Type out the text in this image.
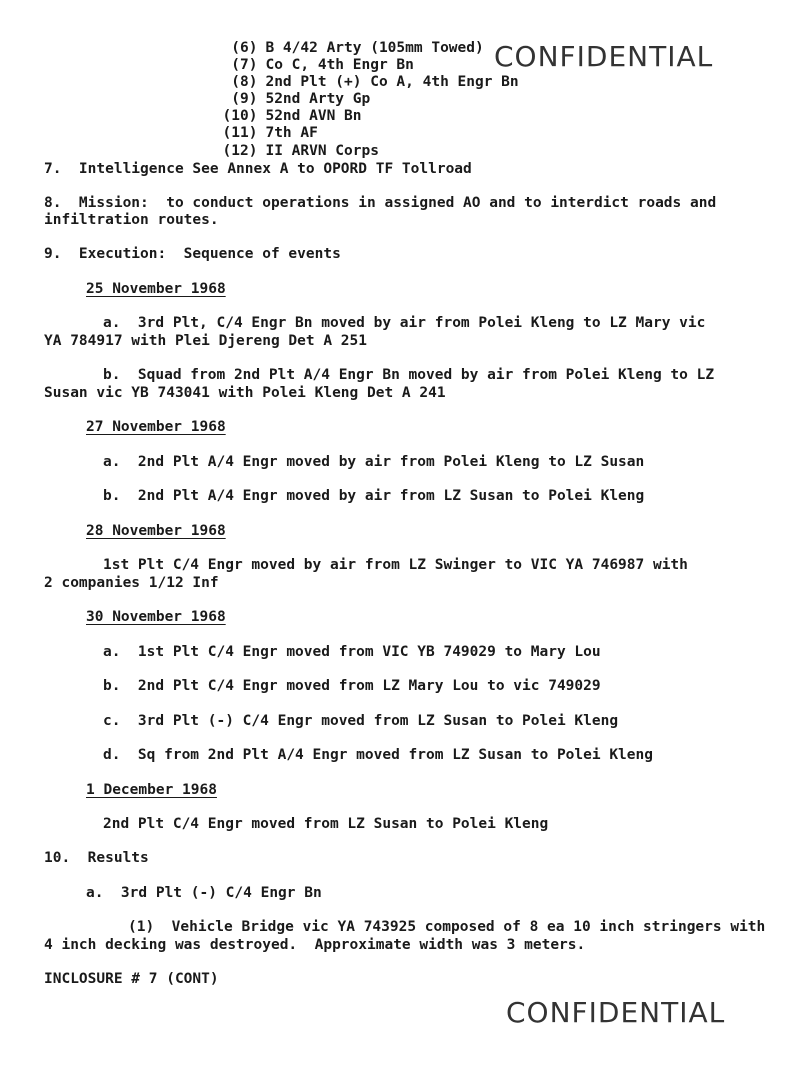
CONFIDENTIAL
CONFIDENTIAL

(6) B 4/42 Arty (105mm Towed)

(7) Co C, 4th Engr Bn

(8) 2nd Plt (+) Co A, 4th Engr Bn

(9) 52nd Arty Gp

(10) 52nd AVN Bn

(11) 7th AF

(12) II ARVN Corps

7.  Intelligence See Annex A to OPORD TF Tollroad
8.  Mission:  to conduct operations in assigned AO and to interdict roads and
infiltration routes.
9.  Execution:  Sequence of events
25 November 1968
a.  3rd Plt, C/4 Engr Bn moved by air from Polei Kleng to LZ Mary vic
YA 784917 with Plei Djereng Det A 251
b.  Squad from 2nd Plt A/4 Engr Bn moved by air from Polei Kleng to LZ
Susan vic YB 743041 with Polei Kleng Det A 241
27 November 1968
a.  2nd Plt A/4 Engr moved by air from Polei Kleng to LZ Susan
b.  2nd Plt A/4 Engr moved by air from LZ Susan to Polei Kleng
28 November 1968
1st Plt C/4 Engr moved by air from LZ Swinger to VIC YA 746987 with
2 companies 1/12 Inf
30 November 1968
a.  1st Plt C/4 Engr moved from VIC YB 749029 to Mary Lou
b.  2nd Plt C/4 Engr moved from LZ Mary Lou to vic 749029
c.  3rd Plt (-) C/4 Engr moved from LZ Susan to Polei Kleng
d.  Sq from 2nd Plt A/4 Engr moved from LZ Susan to Polei Kleng
1 December 1968
2nd Plt C/4 Engr moved from LZ Susan to Polei Kleng
10.  Results
a.  3rd Plt (-) C/4 Engr Bn
(1)  Vehicle Bridge vic YA 743925 composed of 8 ea 10 inch stringers with
4 inch decking was destroyed.  Approximate width was 3 meters.
INCLOSURE # 7 (CONT)
